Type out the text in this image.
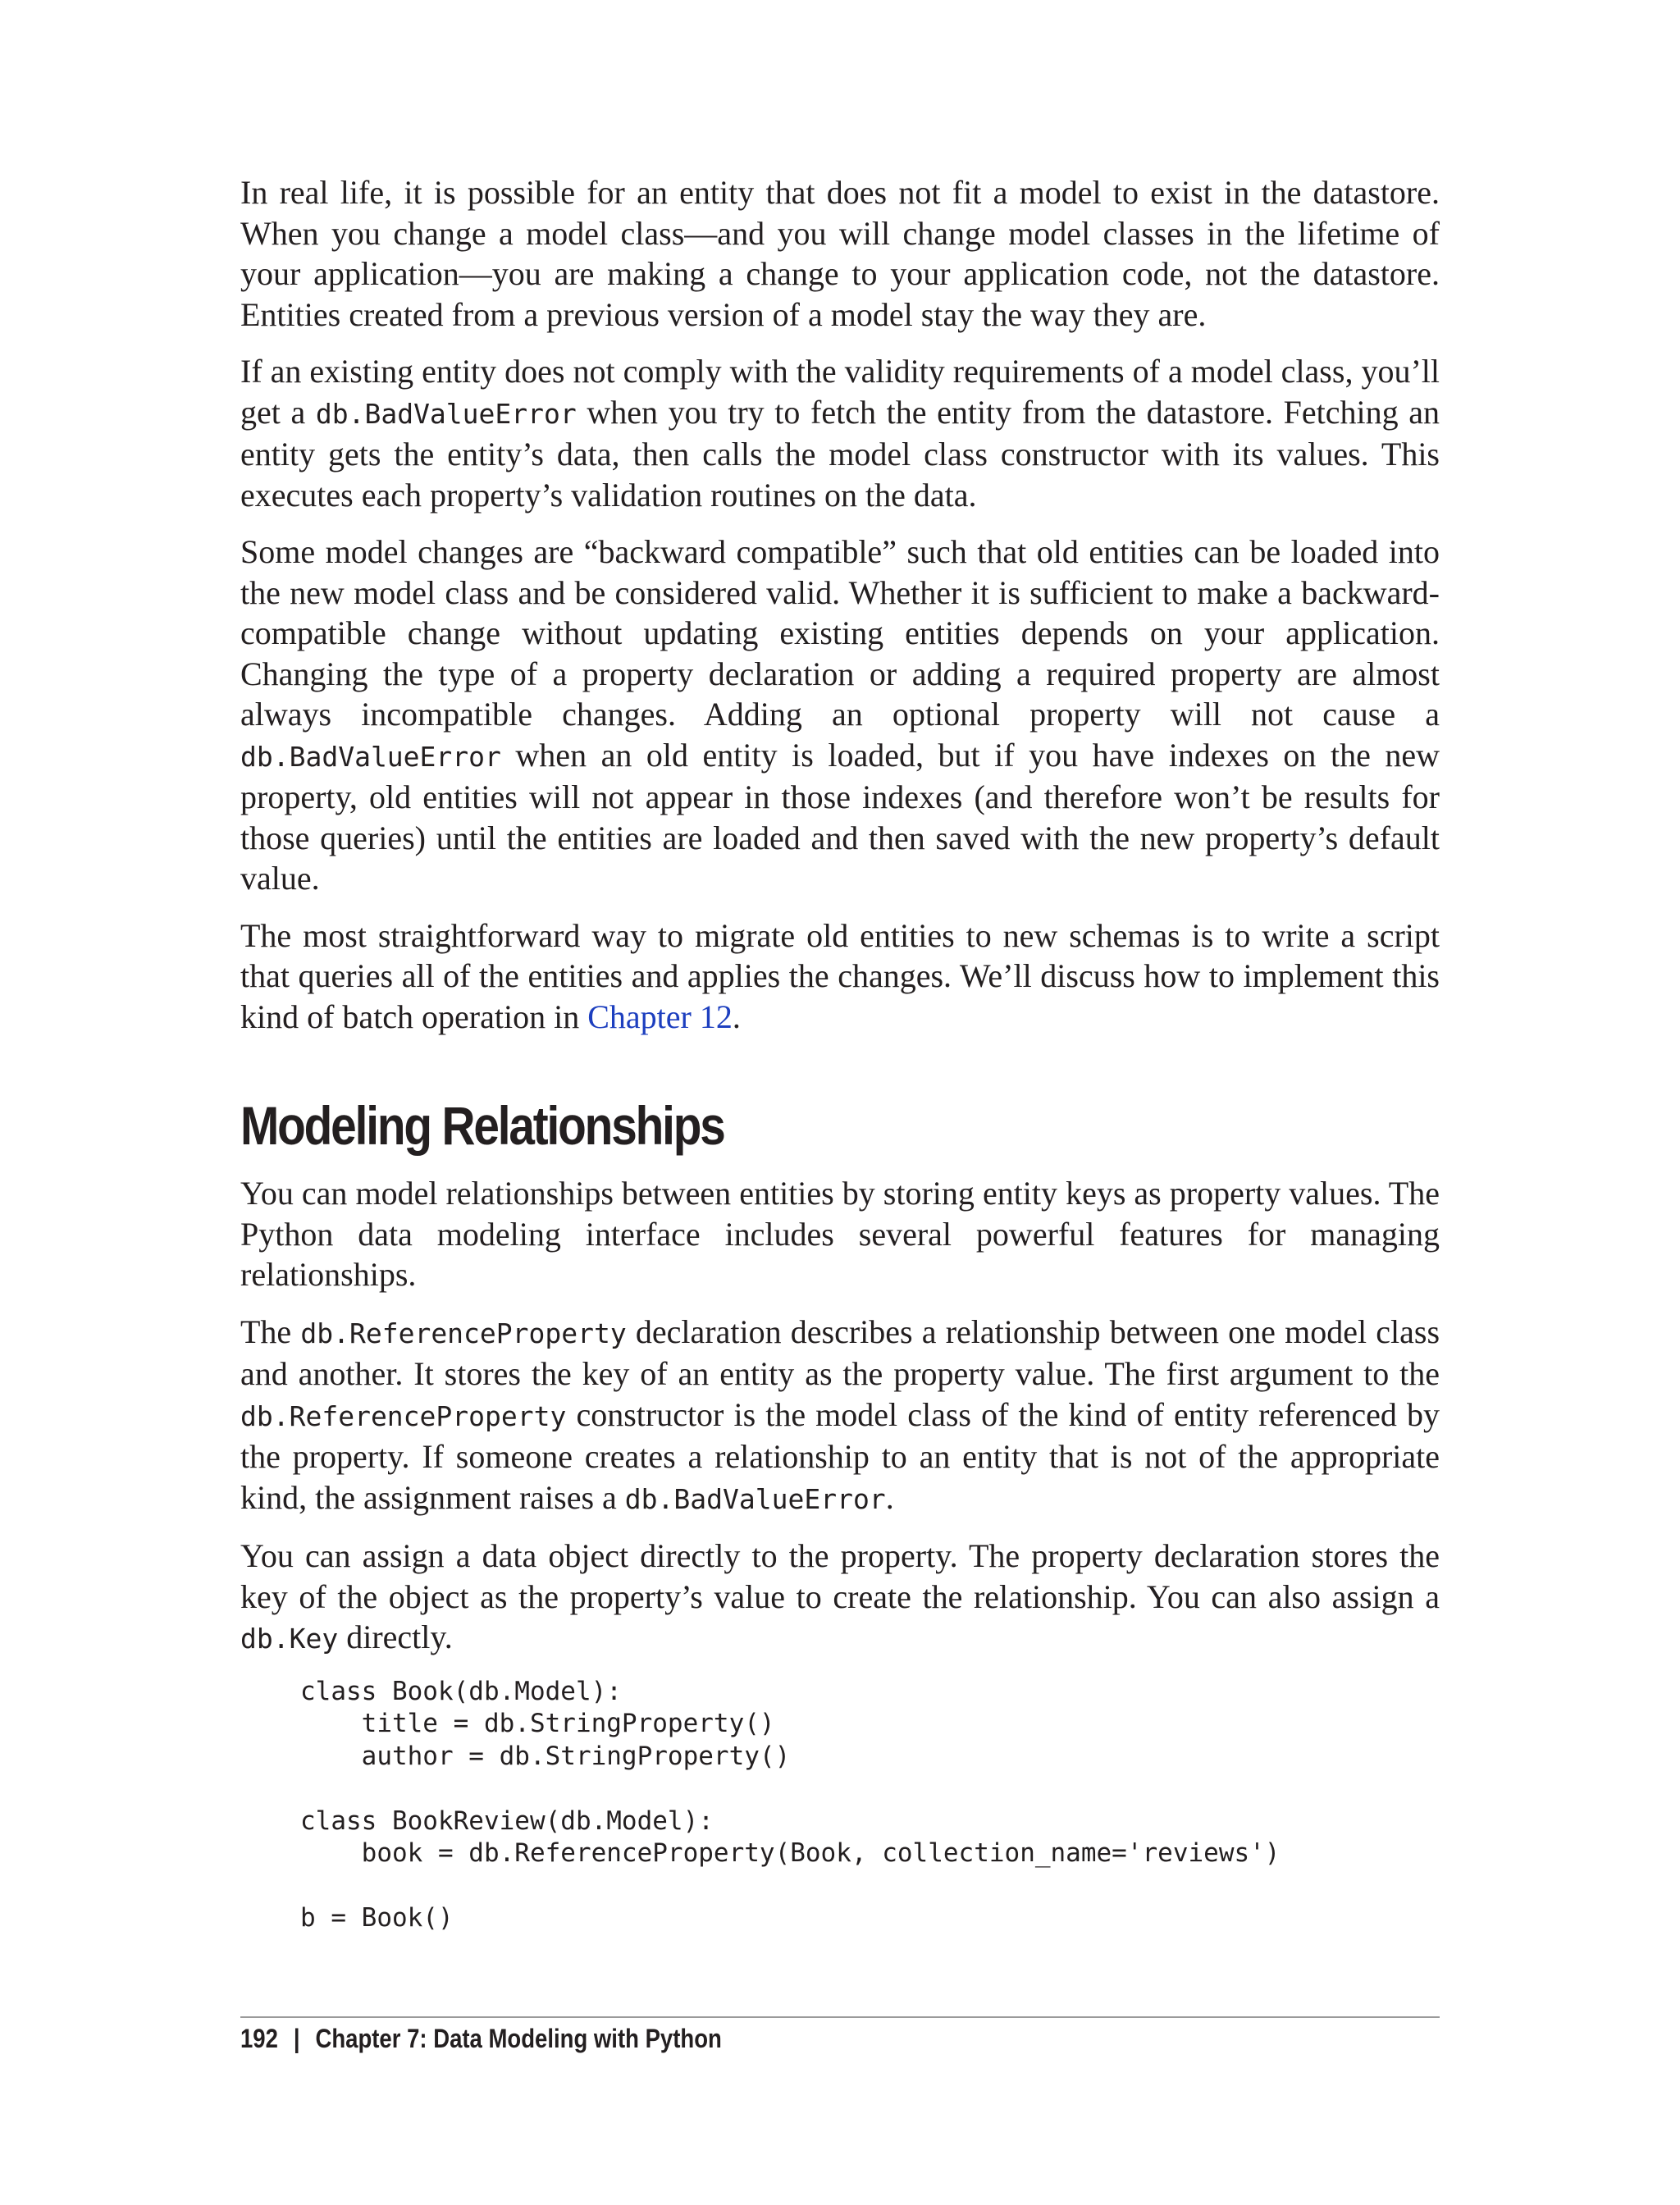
In real life, it is possible for an entity that does not fit a model to exist in the datastore. When you change a model class—and you will change model classes in the lifetime of your application—you are making a change to your application code, not the datastore. Entities created from a previous version of a model stay the way they are.

If an existing entity does not comply with the validity requirements of a model class, you’ll get a db.BadValueError when you try to fetch the entity from the datastore. Fetching an entity gets the entity’s data, then calls the model class constructor with its values. This executes each property’s validation routines on the data.

Some model changes are “backward compatible” such that old entities can be loaded into the new model class and be considered valid. Whether it is sufficient to make a backward-compatible change without updating existing entities depends on your application. Changing the type of a property declaration or adding a required property are almost always incompatible changes. Adding an optional property will not cause a db.BadValueError when an old entity is loaded, but if you have indexes on the new property, old entities will not appear in those indexes (and therefore won’t be results for those queries) until the entities are loaded and then saved with the new property’s default value.

The most straightforward way to migrate old entities to new schemas is to write a script that queries all of the entities and applies the changes. We’ll discuss how to implement this kind of batch operation in Chapter 12.

Modeling Relationships

You can model relationships between entities by storing entity keys as property values. The Python data modeling interface includes several powerful features for managing relationships.

The db.ReferenceProperty declaration describes a relationship between one model class and another. It stores the key of an entity as the property value. The first argument to the db.ReferenceProperty constructor is the model class of the kind of entity referenced by the property. If someone creates a relationship to an entity that is not of the appropriate kind, the assignment raises a db.BadValueError.

You can assign a data object directly to the property. The property declaration stores the key of the object as the property’s value to create the relationship. You can also assign a db.Key directly.

class Book(db.Model):
title = db.StringProperty()
author = db.StringProperty()

class BookReview(db.Model):
book = db.ReferenceProperty(Book, collection_name='reviews')

b = Book()
192 | Chapter 7: Data Modeling with Python
